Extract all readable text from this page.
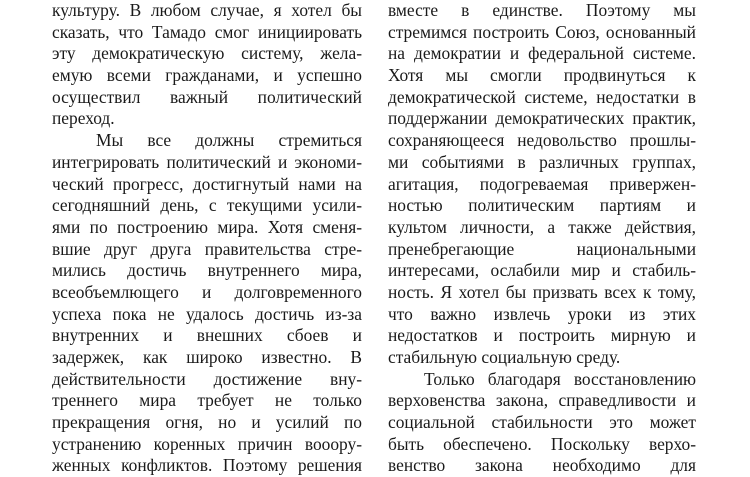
культуру. В любом случае, я хотел бы
сказать, что Тамадо смог инициировать
эту демократическую систему, жела-
емую всеми гражданами, и успешно
осуществил важный политический
переход.
Мы все должны стремиться
интегрировать политический и экономи-
ческий прогресс, достигнутый нами на
сегодняшний день, с текущими усили-
ями по построению мира. Хотя сменя-
вшие друг друга правительства стре-
мились достичь внутреннего мира,
всеобъемлющего и долговременного
успеха пока не удалось достичь из-за
внутренних и внешних сбоев и
задержек, как широко известно. В
действительности достижение вну-
треннего мира требует не только
прекращения огня, но и усилий по
устранению коренных причин вооору-
женных конфликтов. Поэтому решения
вместе в единстве. Поэтому мы
стремимся построить Союз, основанный
на демократии и федеральной системе.
Хотя мы смогли продвинуться к
демократической системе, недостатки в
поддержании демократических практик,
сохраняющееся недовольство прошлы-
ми событиями в различных группах,
агитация, подогреваемая привержен-
ностью политическим партиям и
культом личности, а также действия,
пренебрегающие национальными
интересами, ослабили мир и стабиль-
ность. Я хотел бы призвать всех к тому,
что важно извлечь уроки из этих
недостатков и построить мирную и
стабильную социальную среду.
Только благодаря восстановлению
верховенства закона, справедливости и
социальной стабильности это может
быть обеспечено. Поскольку верхо-
венство закона необходимо для
